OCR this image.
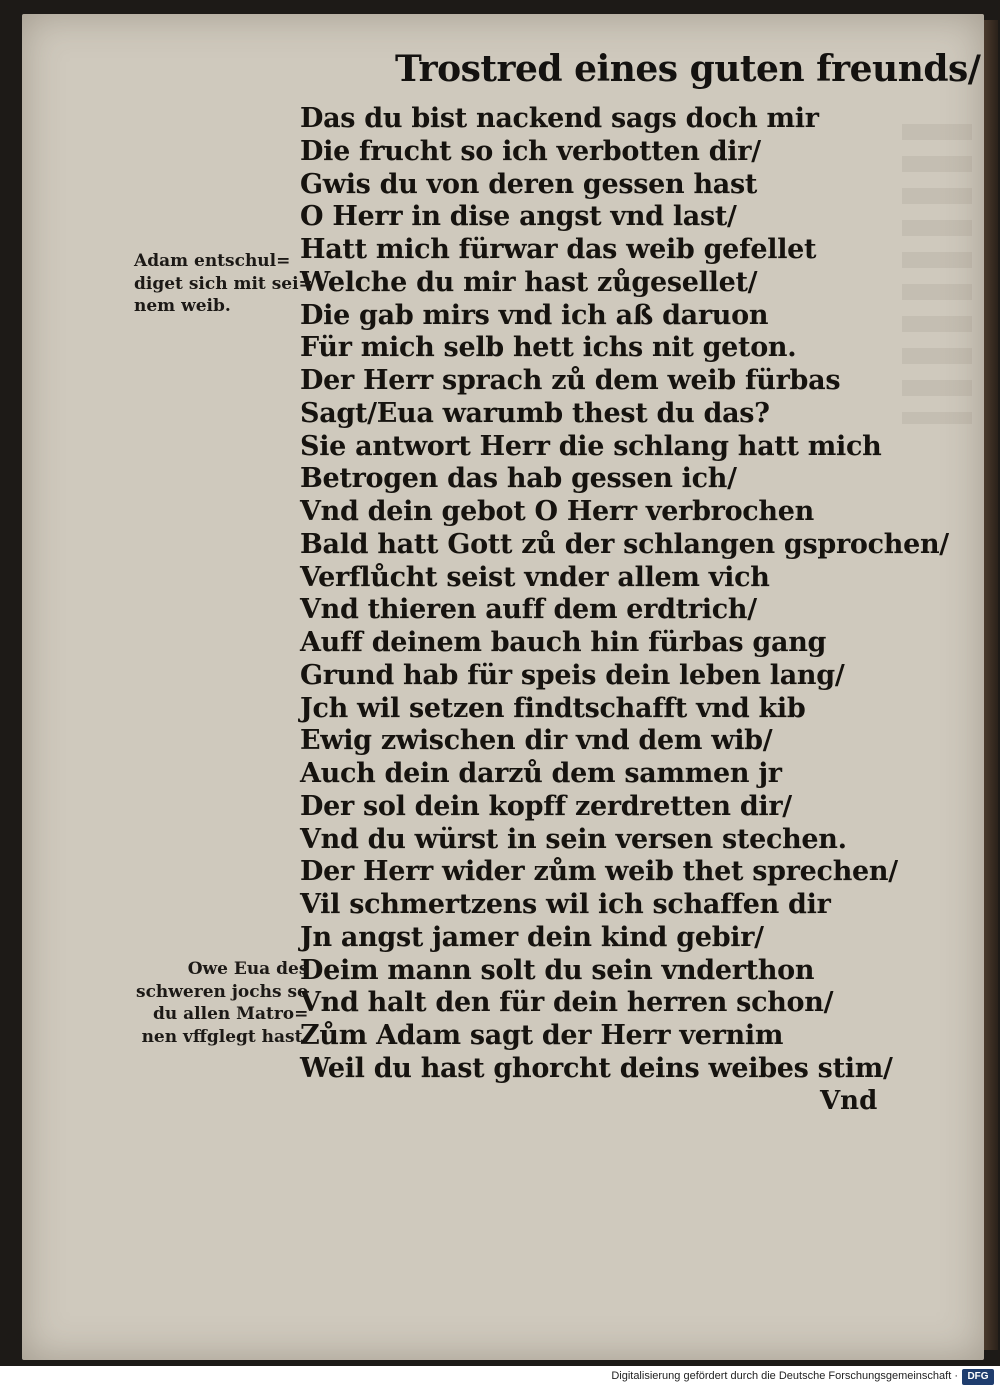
Trostred eines guten freunds/
Das du bist nackend sags doch mir
Die frucht so ich verbotten dir/
Gwis du von deren gessen hast
O Herr in dise angst vnd last/
Hatt mich fürwar das weib gefellet
Welche du mir hast zůgesellet/
Die gab mirs vnd ich aß daruon
Für mich selb hett ichs nit geton.
Der Herr sprach zů dem weib fürbas
Sagt/Eua warumb thest du das?
Sie antwort Herr die schlang hatt mich
Betrogen das hab gessen ich/
Vnd dein gebot O Herr verbrochen
Bald hatt Gott zů der schlangen gsprochen/
Verflůcht seist vnder allem vich
Vnd thieren auff dem erdtrich/
Auff deinem bauch hin fürbas gang
Grund hab für speis dein leben lang/
Jch wil setzen findtschafft vnd kib
Ewig zwischen dir vnd dem wib/
Auch dein darzů dem sammen jr
Der sol dein kopff zerdretten dir/
Vnd du würst in sein versen stechen.
Der Herr wider zům weib thet sprechen/
Vil schmertzens wil ich schaffen dir
Jn angst jamer dein kind gebir/
Deim mann solt du sein vnderthon
Vnd halt den für dein herren schon/
Zům Adam sagt der Herr vernim
Weil du hast ghorcht deins weibes stim/
Vnd
Adam entschul=
diget sich mit sei=
nem weib.
Owe Eua des
schweren jochs so
du allen Matro=
nen vffglegt hast.
Digitalisierung gefördert durch die Deutsche Forschungsgemeinschaft · DFG
